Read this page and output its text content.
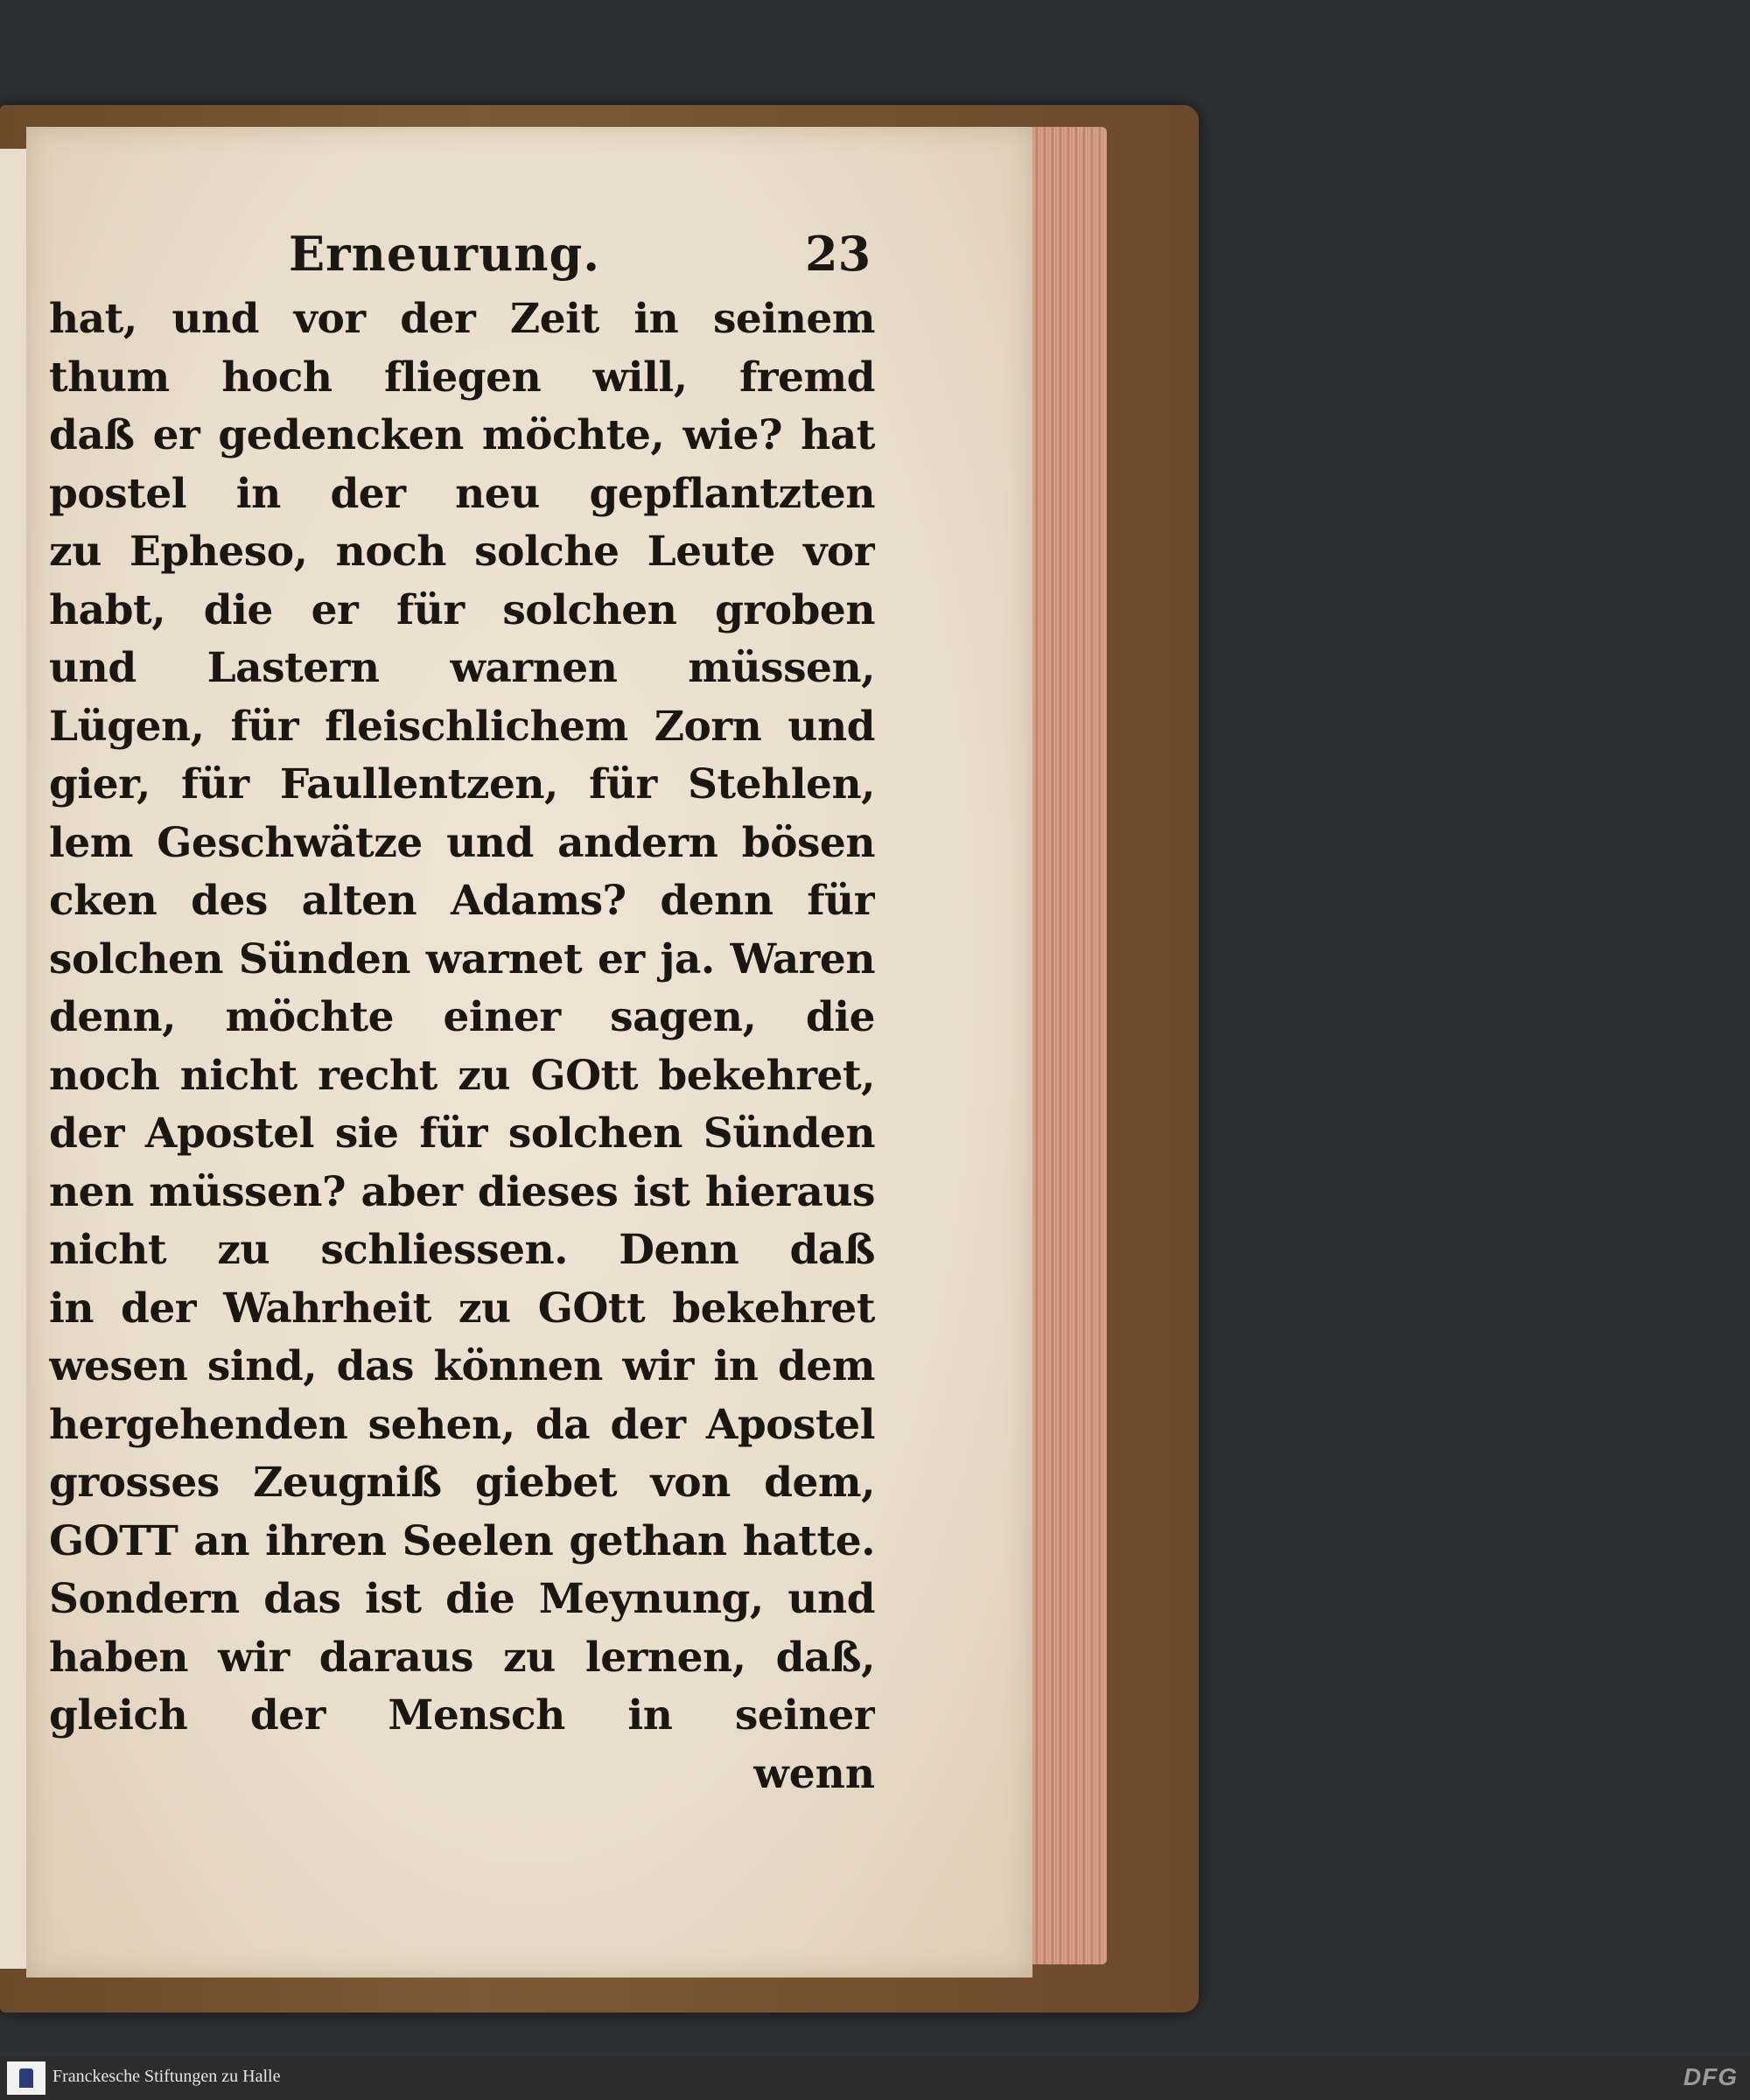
Erneurung.	23
hat, und vor der Zeit in seinem
thum hoch fliegen will, fremd
daß er gedencken möchte, wie? hat
postel in der neu gepflantzten
zu Epheso, noch solche Leute vor
habt, die er für solchen groben
und Lastern warnen müssen,
Lügen, für fleischlichem Zorn und
gier, für Faullentzen, für Stehlen,
lem Geschwätze und andern bösen
cken des alten Adams? denn für
solchen Sünden warnet er ja. Waren
denn, möchte einer sagen, die
noch nicht recht zu GOtt bekehret,
der Apostel sie für solchen Sünden
nen müssen? aber dieses ist hieraus
nicht zu schliessen. Denn daß
in der Wahrheit zu GOtt bekehret
wesen sind, das können wir in dem
hergehenden sehen, da der Apostel
grosses Zeugniß giebet von dem,
GOTT an ihren Seelen gethan hatte.
Sondern das ist die Meynung, und
haben wir daraus zu lernen, daß,
gleich der Mensch in seiner
wenn
Franckesche Stiftungen zu Halle	DFG
